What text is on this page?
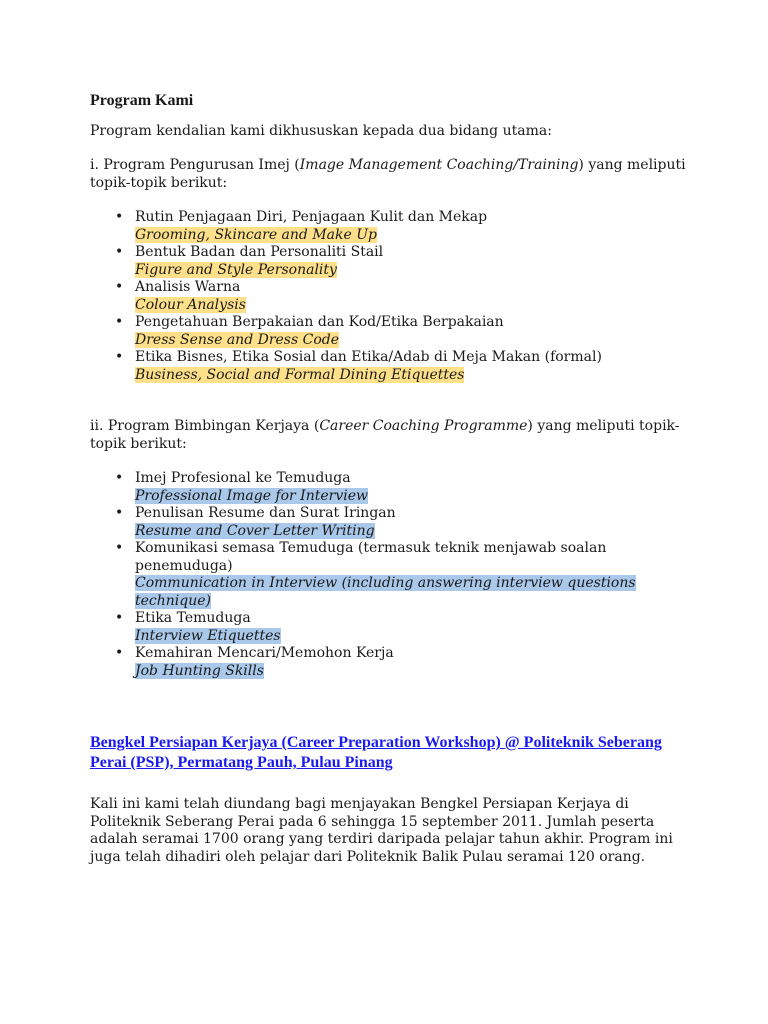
Program Kami

Program kendalian kami dikhususkan kepada dua bidang utama:

i. Program Pengurusan Imej (Image Management Coaching/Training) yang meliputi topik-topik berikut:

• Rutin Penjagaan Diri, Penjagaan Kulit dan Mekap
Grooming, Skincare and Make Up
• Bentuk Badan dan Personaliti Stail
Figure and Style Personality
• Analisis Warna
Colour Analysis
• Pengetahuan Berpakaian dan Kod/Etika Berpakaian
Dress Sense and Dress Code
• Etika Bisnes, Etika Sosial dan Etika/Adab di Meja Makan (formal)
Business, Social and Formal Dining Etiquettes

ii. Program Bimbingan Kerjaya (Career Coaching Programme) yang meliputi topik-topik berikut:

• Imej Profesional ke Temuduga
Professional Image for Interview
• Penulisan Resume dan Surat Iringan
Resume and Cover Letter Writing
• Komunikasi semasa Temuduga (termasuk teknik menjawab soalan penemuduga)
Communication in Interview (including answering interview questions technique)
• Etika Temuduga
Interview Etiquettes
• Kemahiran Mencari/Memohon Kerja
Job Hunting Skills
Bengkel Persiapan Kerjaya (Career Preparation Workshop) @ Politeknik Seberang Perai (PSP), Permatang Pauh, Pulau Pinang

Kali ini kami telah diundang bagi menjayakan Bengkel Persiapan Kerjaya di Politeknik Seberang Perai pada 6 sehingga 15 september 2011. Jumlah peserta adalah seramai 1700 orang yang terdiri daripada pelajar tahun akhir. Program ini juga telah dihadiri oleh pelajar dari Politeknik Balik Pulau seramai 120 orang.
